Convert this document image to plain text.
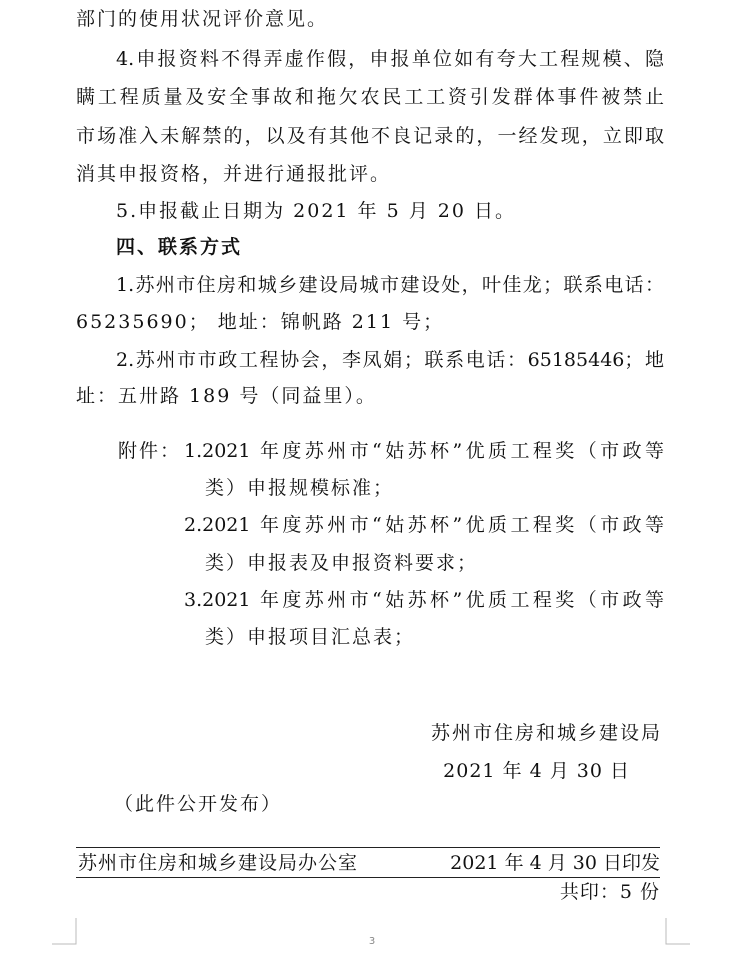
部门的使用状况评价意见。
4.申报资料不得弄虚作假，申报单位如有夸大工程规模、隐
瞒工程质量及安全事故和拖欠农民工工资引发群体事件被禁止
市场准入未解禁的，以及有其他不良记录的，一经发现，立即取
消其申报资格，并进行通报批评。
5.申报截止日期为 2021 年 5 月 20 日。
四、联系方式
1.苏州市住房和城乡建设局城市建设处，叶佳龙；联系电话：
65235690； 地址：锦帆路 211 号；
2.苏州市市政工程协会，李凤娟；联系电话：65185446；地
址：五卅路 189 号（同益里）。
附件： 1.2021 年度苏州市“姑苏杯”优质工程奖（市政等
类）申报规模标准；
2.2021 年度苏州市“姑苏杯”优质工程奖（市政等
类）申报表及申报资料要求；
3.2021 年度苏州市“姑苏杯”优质工程奖（市政等
类）申报项目汇总表；
苏州市住房和城乡建设局
2021 年 4 月 30 日
（此件公开发布）
苏州市住房和城乡建设局办公室	2021 年 4 月 30 日印发
共印：5 份
3
